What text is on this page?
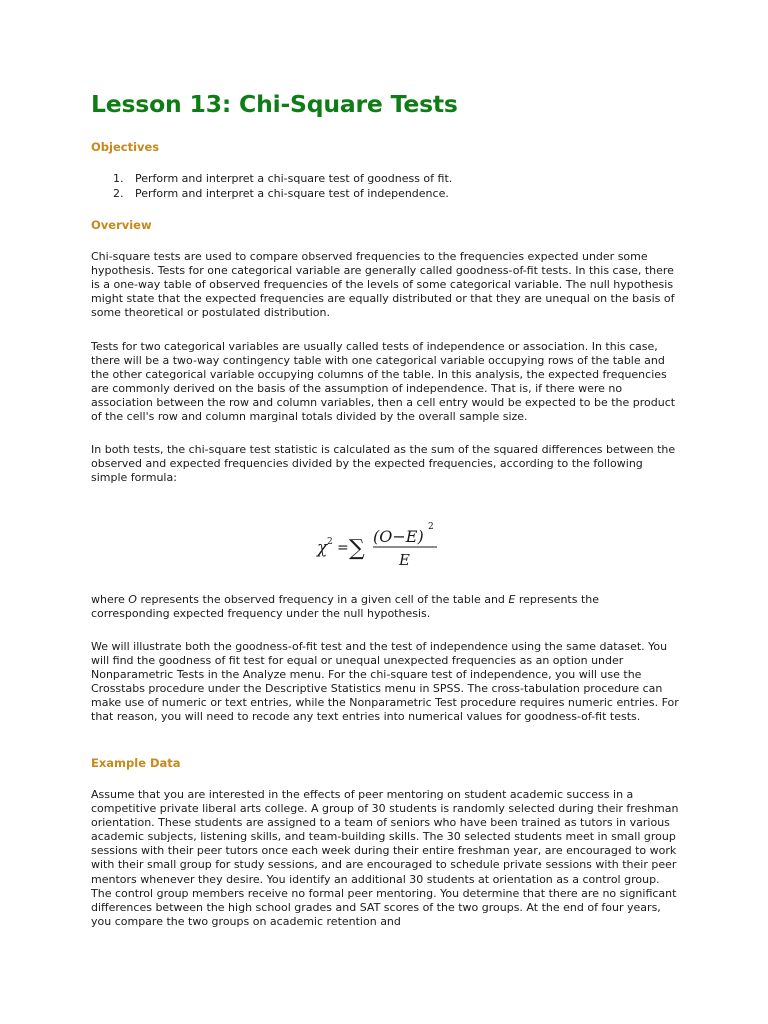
Lesson 13: Chi-Square Tests
Objectives
1. Perform and interpret a chi-square test of goodness of fit.
2. Perform and interpret a chi-square test of independence.
Overview

Chi-square tests are used to compare observed frequencies to the frequencies expected under some hypothesis. Tests for one categorical variable are generally called goodness-of-fit tests. In this case, there is a one-way table of observed frequencies of the levels of some categorical variable. The null hypothesis might state that the expected frequencies are equally distributed or that they are unequal on the basis of some theoretical or postulated distribution.

Tests for two categorical variables are usually called tests of independence or association. In this case, there will be a two-way contingency table with one categorical variable occupying rows of the table and the other categorical variable occupying columns of the table. In this analysis, the expected frequencies are commonly derived on the basis of the assumption of independence. That is, if there were no association between the row and column variables, then a cell entry would be expected to be the product of the cell's row and column marginal totals divided by the overall sample size.

In both tests, the chi-square test statistic is calculated as the sum of the squared differences between the observed and expected frequencies divided by the expected frequencies, according to the following simple formula:

χ 2 = ∑ (O−E) 2
E

where O represents the observed frequency in a given cell of the table and E represents the corresponding expected frequency under the null hypothesis.

We will illustrate both the goodness-of-fit test and the test of independence using the same dataset. You will find the goodness of fit test for equal or unequal unexpected frequencies as an option under Nonparametric Tests in the Analyze menu. For the chi-square test of independence, you will use the Crosstabs procedure under the Descriptive Statistics menu in SPSS. The cross-tabulation procedure can make use of numeric or text entries, while the Nonparametric Test procedure requires numeric entries. For that reason, you will need to recode any text entries into numerical values for goodness-of-fit tests.

Example Data

Assume that you are interested in the effects of peer mentoring on student academic success in a competitive private liberal arts college. A group of 30 students is randomly selected during their freshman orientation. These students are assigned to a team of seniors who have been trained as tutors in various academic subjects, listening skills, and team-building skills. The 30 selected students meet in small group sessions with their peer tutors once each week during their entire freshman year, are encouraged to work with their small group for study sessions, and are encouraged to schedule private sessions with their peer mentors whenever they desire. You identify an additional 30 students at orientation as a control group. The control group members receive no formal peer mentoring. You determine that there are no significant differences between the high school grades and SAT scores of the two groups. At the end of four years, you compare the two groups on academic retention and
